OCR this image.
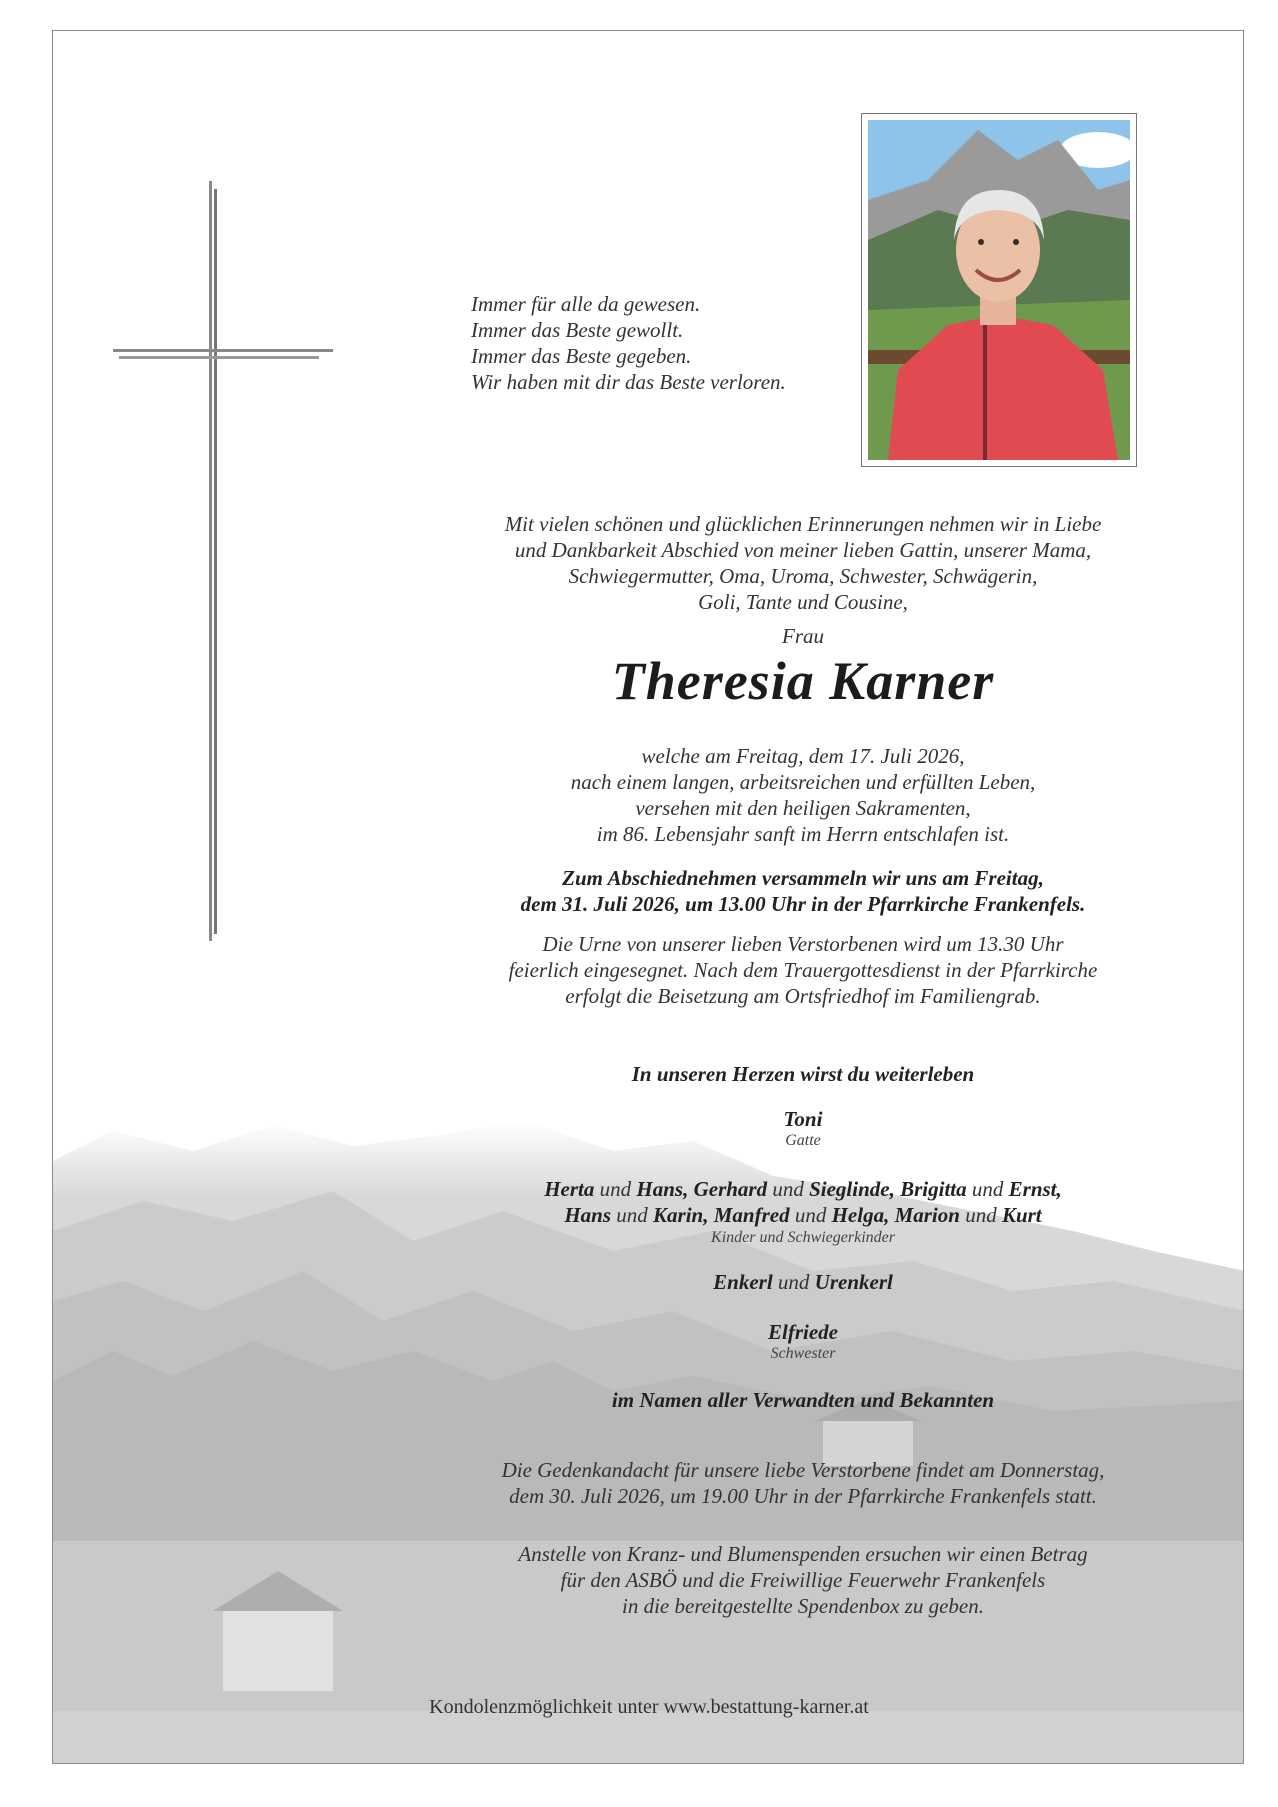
Immer für alle da gewesen.
Immer das Beste gewollt.
Immer das Beste gegeben.
Wir haben mit dir das Beste verloren.
Mit vielen schönen und glücklichen Erinnerungen nehmen wir in Liebe
und Dankbarkeit Abschied von meiner lieben Gattin, unserer Mama,
Schwiegermutter, Oma, Uroma, Schwester, Schwägerin,
Goli, Tante und Cousine,
Frau
Theresia Karner
welche am Freitag, dem 17. Juli 2026,
nach einem langen, arbeitsreichen und erfüllten Leben,
versehen mit den heiligen Sakramenten,
im 86. Lebensjahr sanft im Herrn entschlafen ist.
Zum Abschiednehmen versammeln wir uns am Freitag,
dem 31. Juli 2026, um 13.00 Uhr in der Pfarrkirche Frankenfels.
Die Urne von unserer lieben Verstorbenen wird um 13.30 Uhr
feierlich eingesegnet. Nach dem Trauergottesdienst in der Pfarrkirche
erfolgt die Beisetzung am Ortsfriedhof im Familiengrab.
In unseren Herzen wirst du weiterleben
Toni
Gatte
Herta und Hans, Gerhard und Sieglinde, Brigitta und Ernst,
Hans und Karin, Manfred und Helga, Marion und Kurt
Kinder und Schwiegerkinder
Enkerl und Urenkerl
Elfriede
Schwester
im Namen aller Verwandten und Bekannten
Die Gedenkandacht für unsere liebe Verstorbene findet am Donnerstag,
dem 30. Juli 2026, um 19.00 Uhr in der Pfarrkirche Frankenfels statt.
Anstelle von Kranz- und Blumenspenden ersuchen wir einen Betrag
für den ASBÖ und die Freiwillige Feuerwehr Frankenfels
in die bereitgestellte Spendenbox zu geben.
Kondolenzmöglichkeit unter www.bestattung-karner.at
